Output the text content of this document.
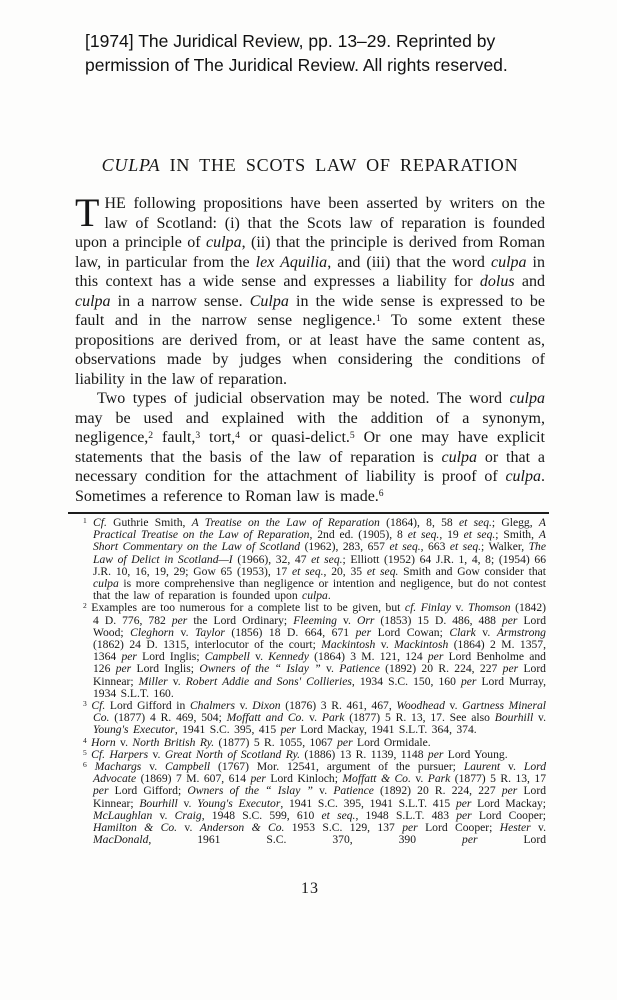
[1974] The Juridical Review, pp. 13–29. Reprinted by
permission of The Juridical Review. All rights reserved.
CULPA IN THE SCOTS LAW OF REPARATION

THE following propositions have been asserted by writers on the law of Scotland: (i) that the Scots law of reparation is founded upon a principle of culpa, (ii) that the principle is derived from Roman law, in particular from the lex Aquilia, and (iii) that the word culpa in this context has a wide sense and expresses a liability for dolus and culpa in a narrow sense. Culpa in the wide sense is expressed to be fault and in the narrow sense negligence.$^1$ To some extent these propositions are derived from, or at least have the same content as, observations made by judges when considering the conditions of liability in the law of reparation.

Two types of judicial observation may be noted. The word culpa may be used and explained with the addition of a synonym, negligence,$^2$ fault,$^3$ tort,$^4$ or quasi-delict.$^5$ Or one may have explicit statements that the basis of the law of reparation is culpa or that a necessary condition for the attachment of liability is proof of culpa. Sometimes a reference to Roman law is made.$^6$

$^1$ Cf. Guthrie Smith, A Treatise on the Law of Reparation (1864), 8, 58 et seq.; Glegg, A Practical Treatise on the Law of Reparation, 2nd ed. (1905), 8 et seq., 19 et seq.; Smith, A Short Commentary on the Law of Scotland (1962), 283, 657 et seq., 663 et seq.; Walker, The Law of Delict in Scotland—I (1966), 32, 47 et seq.; Elliott (1952) 64 J.R. 1, 4, 8; (1954) 66 J.R. 10, 16, 19, 29; Gow 65 (1953), 17 et seq., 20, 35 et seq. Smith and Gow consider that culpa is more comprehensive than negligence or intention and negligence, but do not contest that the law of reparation is founded upon culpa.

$^2$ Examples are too numerous for a complete list to be given, but cf. Finlay v. Thomson (1842) 4 D. 776, 782 per the Lord Ordinary; Fleeming v. Orr (1853) 15 D. 486, 488 per Lord Wood; Cleghorn v. Taylor (1856) 18 D. 664, 671 per Lord Cowan; Clark v. Armstrong (1862) 24 D. 1315, interlocutor of the court; Mackintosh v. Mackintosh (1864) 2 M. 1357, 1364 per Lord Inglis; Campbell v. Kennedy (1864) 3 M. 121, 124 per Lord Benholme and 126 per Lord Inglis; Owners of the “ Islay ” v. Patience (1892) 20 R. 224, 227 per Lord Kinnear; Miller v. Robert Addie and Sons' Collieries, 1934 S.C. 150, 160 per Lord Murray, 1934 S.L.T. 160.

$^3$ Cf. Lord Gifford in Chalmers v. Dixon (1876) 3 R. 461, 467, Woodhead v. Gartness Mineral Co. (1877) 4 R. 469, 504; Moffatt and Co. v. Park (1877) 5 R. 13, 17. See also Bourhill v. Young's Executor, 1941 S.C. 395, 415 per Lord Mackay, 1941 S.L.T. 364, 374.

$^4$ Horn v. North British Ry. (1877) 5 R. 1055, 1067 per Lord Ormidale.

$^5$ Cf. Harpers v. Great North of Scotland Ry. (1886) 13 R. 1139, 1148 per Lord Young.

$^6$ Machargs v. Campbell (1767) Mor. 12541, argument of the pursuer; Laurent v. Lord Advocate (1869) 7 M. 607, 614 per Lord Kinloch; Moffatt & Co. v. Park (1877) 5 R. 13, 17 per Lord Gifford; Owners of the “ Islay ” v. Patience (1892) 20 R. 224, 227 per Lord Kinnear; Bourhill v. Young's Executor, 1941 S.C. 395, 1941 S.L.T. 415 per Lord Mackay; McLaughlan v. Craig, 1948 S.C. 599, 610 et seq., 1948 S.L.T. 483 per Lord Cooper; Hamilton & Co. v. Anderson & Co. 1953 S.C. 129, 137 per Lord Cooper; Hester v. MacDonald, 1961 S.C. 370, 390 per Lord

13
